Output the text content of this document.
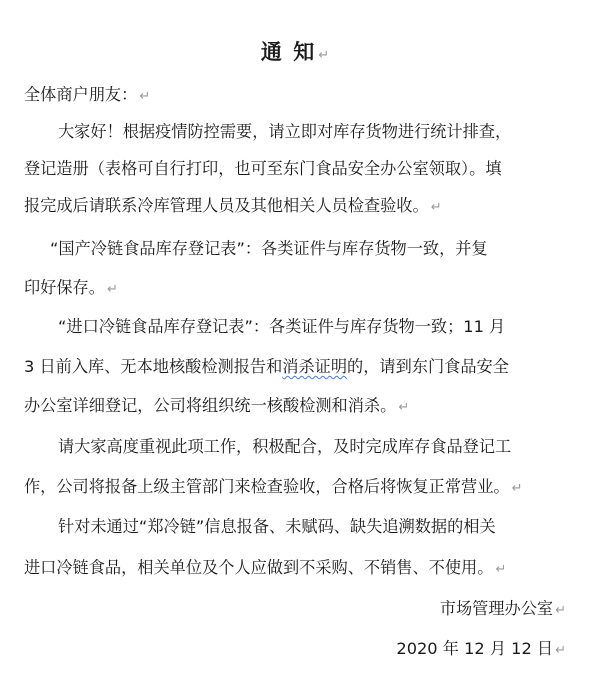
通 知 ↵
全体商户朋友： ↵
大家好！根据疫情防控需要，请立即对库存货物进行统计排查，
登记造册（表格可自行打印，也可至东门食品安全办公室领取）。填
报完成后请联系冷库管理人员及其他相关人员检查验收。 ↵
“国产冷链食品库存登记表”：各类证件与库存货物一致，并复
印好保存。 ↵
“进口冷链食品库存登记表”：各类证件与库存货物一致；11 月
3 日前入库、无本地核酸检测报告和消杀证明的，请到东门食品安全
办公室详细登记，公司将组织统一核酸检测和消杀。 ↵
请大家高度重视此项工作，积极配合，及时完成库存食品登记工
作，公司将报备上级主管部门来检查验收，合格后将恢复正常营业。 ↵
针对未通过“郑冷链”信息报备、未赋码、缺失追溯数据的相关
进口冷链食品，相关单位及个人应做到不采购、不销售、不使用。 ↵
市场管理办公室 ↵
2020 年 12 月 12 日 ↵
